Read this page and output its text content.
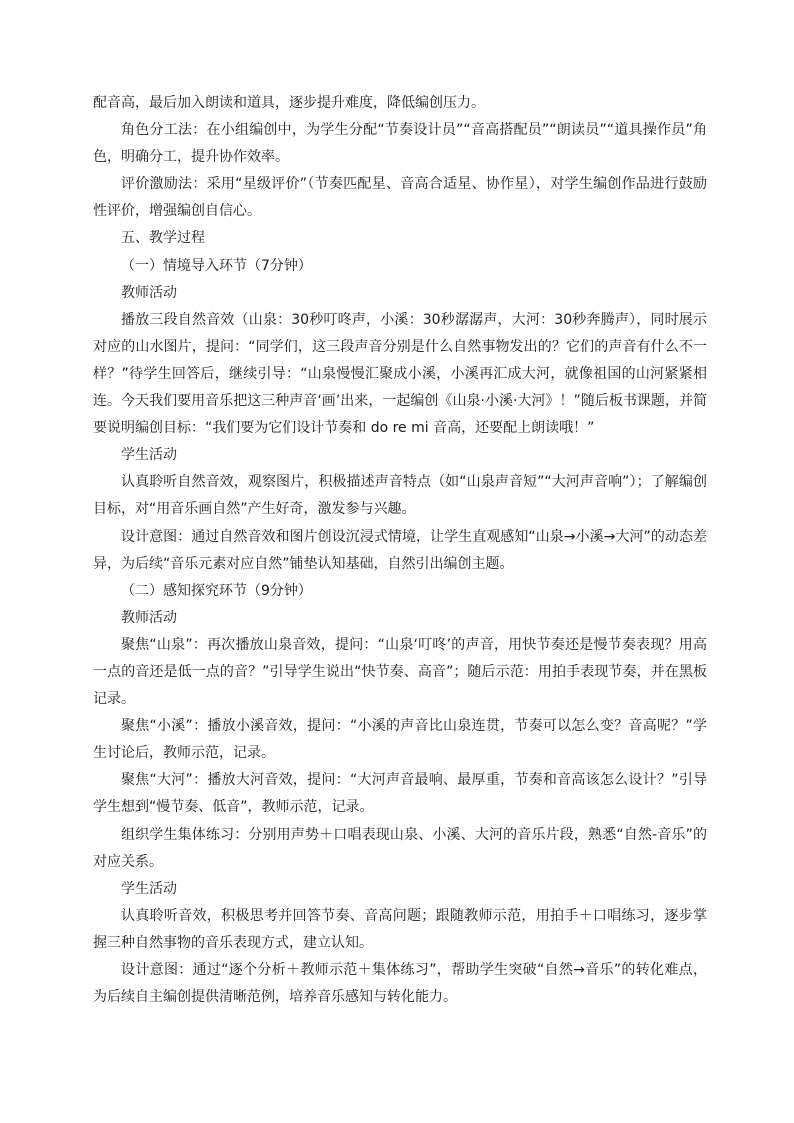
配音高，最后加入朗读和道具，逐步提升难度，降低编创压力。

角色分工法：在小组编创中，为学生分配“节奏设计员”“音高搭配员”“朗读员”“道具操作员”角色，明确分工，提升协作效率。

评价激励法：采用“星级评价”（节奏匹配星、音高合适星、协作星），对学生编创作品进行鼓励性评价，增强编创自信心。

五、教学过程

（一）情境导入环节（7分钟）

教师活动

播放三段自然音效（山泉：30秒叮咚声，小溪：30秒潺潺声，大河：30秒奔腾声），同时展示对应的山水图片，提问：“同学们，这三段声音分别是什么自然事物发出的？它们的声音有什么不一样？”待学生回答后，继续引导：“山泉慢慢汇聚成小溪，小溪再汇成大河，就像祖国的山河紧紧相连。今天我们要用音乐把这三种声音‘画’出来，一起编创《山泉·小溪·大河》！”随后板书课题，并简要说明编创目标：“我们要为它们设计节奏和 do re mi 音高，还要配上朗读哦！”

学生活动

认真聆听自然音效，观察图片，积极描述声音特点（如“山泉声音短”“大河声音响”）；了解编创目标，对“用音乐画自然”产生好奇，激发参与兴趣。

设计意图：通过自然音效和图片创设沉浸式情境，让学生直观感知“山泉→小溪→大河”的动态差异，为后续“音乐元素对应自然”铺垫认知基础，自然引出编创主题。

（二）感知探究环节（9分钟）

教师活动

聚焦“山泉”：再次播放山泉音效，提问：“山泉‘叮咚’的声音，用快节奏还是慢节奏表现？用高一点的音还是低一点的音？”引导学生说出“快节奏、高音”；随后示范：用拍手表现节奏，并在黑板记录。

聚焦“小溪”：播放小溪音效，提问：“小溪的声音比山泉连贯，节奏可以怎么变？音高呢？”学生讨论后，教师示范，记录。

聚焦“大河”：播放大河音效，提问：“大河声音最响、最厚重，节奏和音高该怎么设计？”引导学生想到“慢节奏、低音”，教师示范，记录。

组织学生集体练习：分别用声势＋口唱表现山泉、小溪、大河的音乐片段，熟悉“自然-音乐”的对应关系。

学生活动

认真聆听音效，积极思考并回答节奏、音高问题；跟随教师示范，用拍手＋口唱练习，逐步掌握三种自然事物的音乐表现方式，建立认知。

设计意图：通过“逐个分析＋教师示范＋集体练习”，帮助学生突破“自然→音乐”的转化难点，为后续自主编创提供清晰范例，培养音乐感知与转化能力。
